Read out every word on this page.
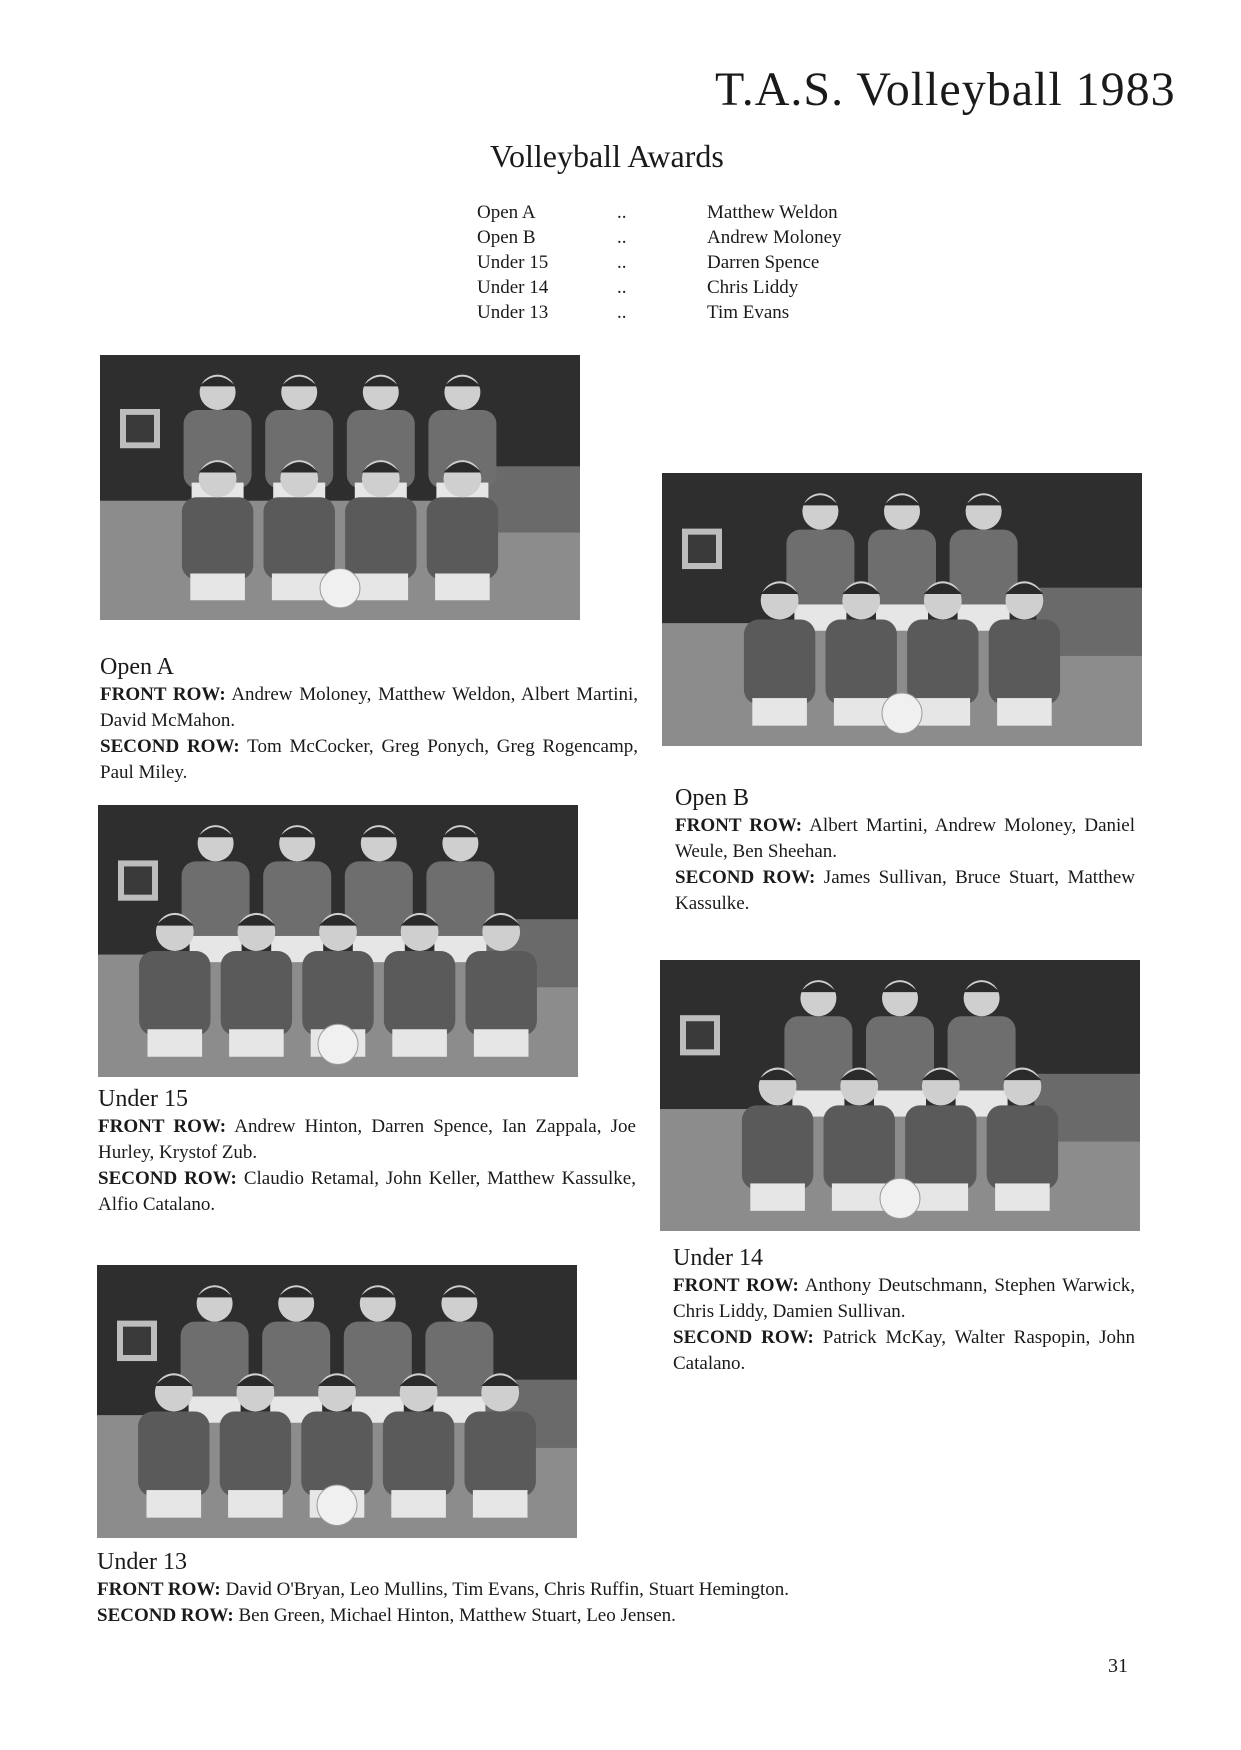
T.A.S. Volleyball 1983
Volleyball Awards
Open A	..	Matthew Weldon
Open B	..	Andrew Moloney
Under 15	..	Darren Spence
Under 14	..	Chris Liddy
Under 13	..	Tim Evans
Open A
FRONT ROW: Andrew Moloney, Matthew Weldon, Albert Martini, David McMahon.
SECOND ROW: Tom McCocker, Greg Ponych, Greg Rogencamp, Paul Miley.
Open B
FRONT ROW: Albert Martini, Andrew Moloney, Daniel Weule, Ben Sheehan.
SECOND ROW: James Sullivan, Bruce Stuart, Matthew Kassulke.
Under 15
FRONT ROW: Andrew Hinton, Darren Spence, Ian Zappala, Joe Hurley, Krystof Zub.
SECOND ROW: Claudio Retamal, John Keller, Matthew Kassulke, Alfio Catalano.
Under 14
FRONT ROW: Anthony Deutschmann, Stephen Warwick, Chris Liddy, Damien Sullivan.
SECOND ROW: Patrick McKay, Walter Raspopin, John Catalano.
Under 13
FRONT ROW: David O'Bryan, Leo Mullins, Tim Evans, Chris Ruffin, Stuart Hemington.
SECOND ROW: Ben Green, Michael Hinton, Matthew Stuart, Leo Jensen.
31
